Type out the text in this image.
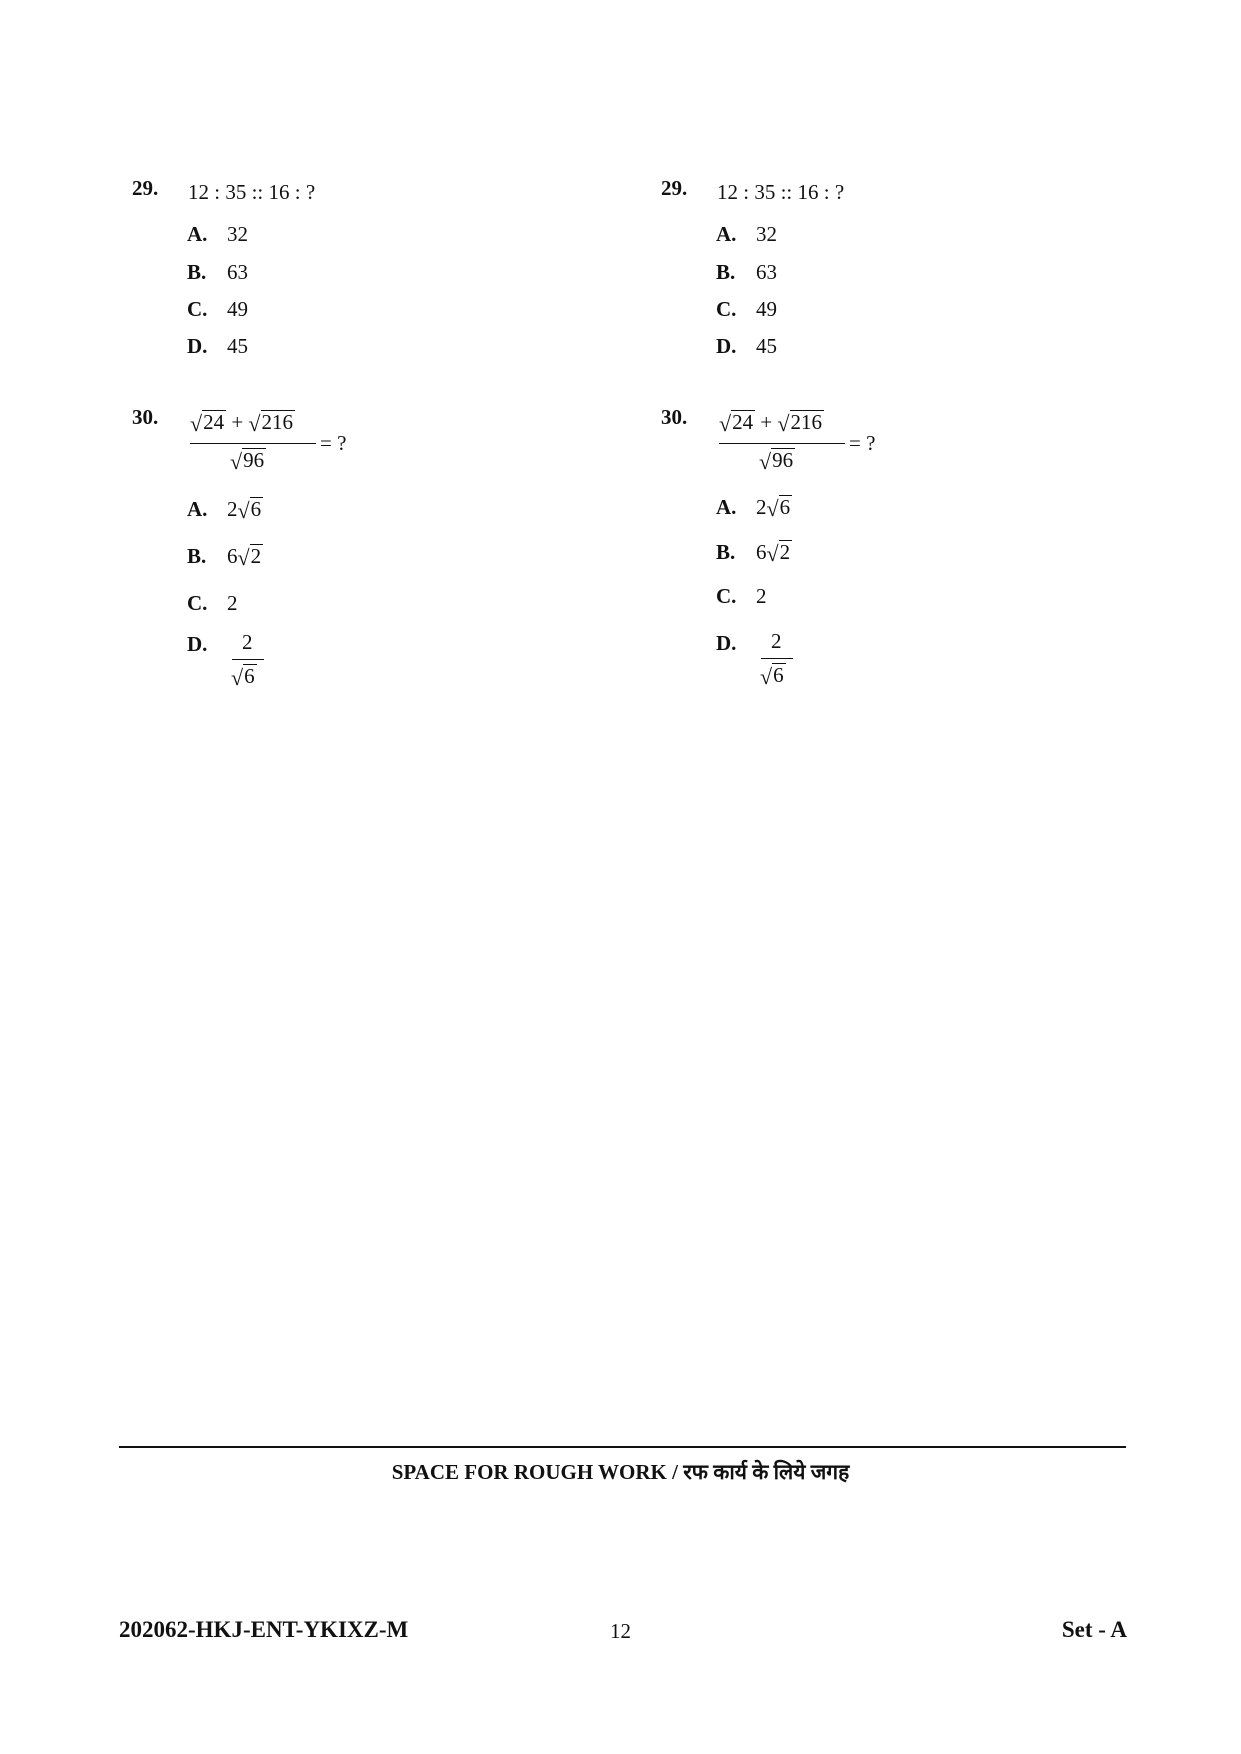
29. 12 : 35 :: 16 : ?
A. 32
B. 63
C. 49
D. 45
30. √ 24 + √ 216
√ 96
= ?
A. 2 √ 6
B. 6 √ 2
C. 2
D. 2
√ 6
29. 12 : 35 :: 16 : ?
A. 32
B. 63
C. 49
D. 45
30. √ 24 + √ 216
√ 96
= ?
A. 2 √ 6
B. 6 √ 2
C. 2
D. 2
√ 6
SPACE FOR ROUGH WORK / रफ कार्य के लिये जगह
202062-HKJ-ENT-YKIXZ-M	12	Set - A
